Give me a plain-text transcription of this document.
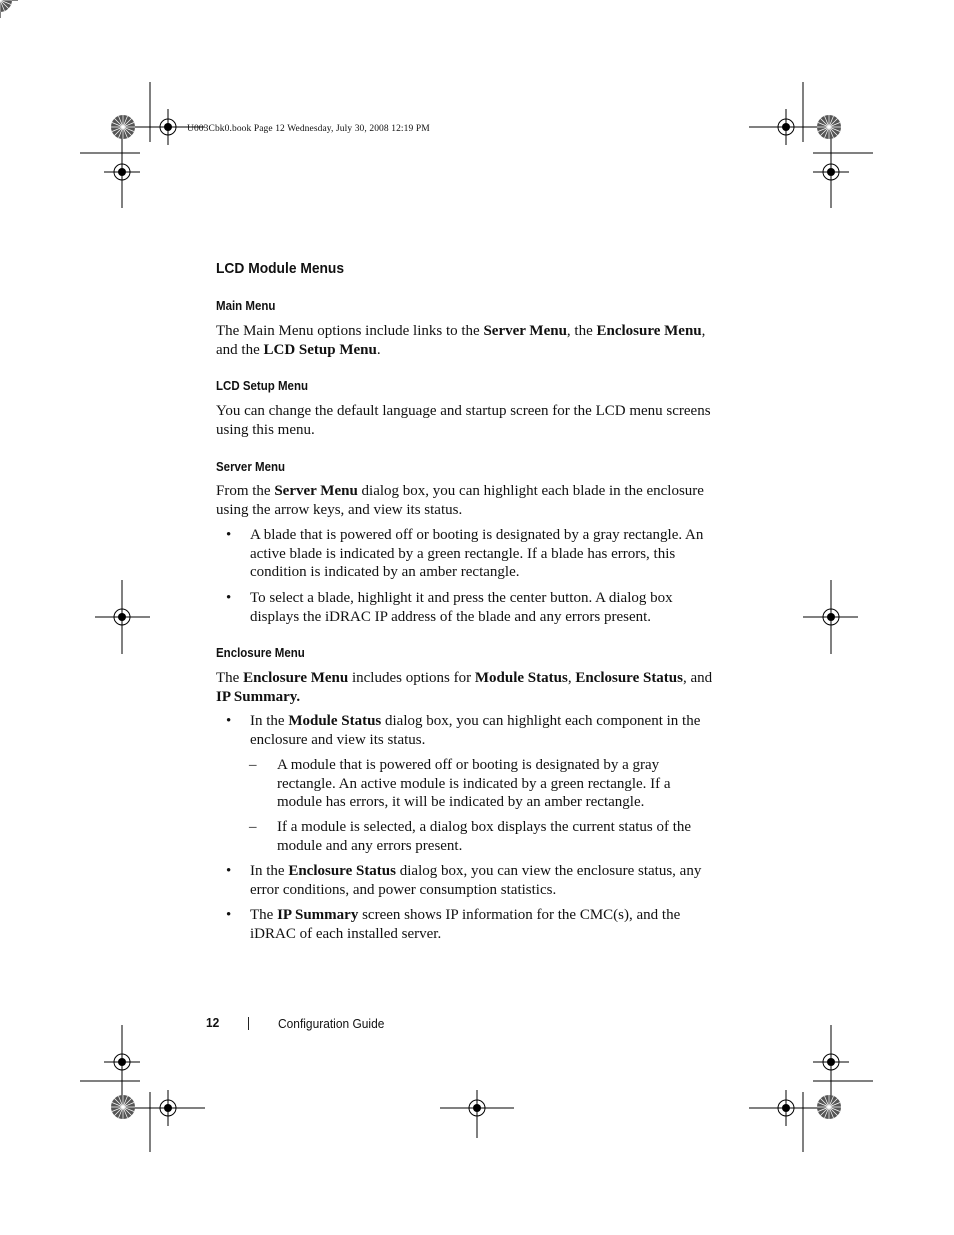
U003Cbk0.book Page 12 Wednesday, July 30, 2008 12:19 PM
LCD Module Menus
Main Menu

The Main Menu options include links to the Server Menu, the Enclosure Menu, and the LCD Setup Menu.

LCD Setup Menu

You can change the default language and startup screen for the LCD menu screens using this menu.

Server Menu

From the Server Menu dialog box, you can highlight each blade in the enclosure using the arrow keys, and view its status.

• A blade that is powered off or booting is designated by a gray rectangle. An active blade is indicated by a green rectangle. If a blade has errors, this condition is indicated by an amber rectangle.

• To select a blade, highlight it and press the center button. A dialog box displays the iDRAC IP address of the blade and any errors present.

Enclosure Menu

The Enclosure Menu includes options for Module Status, Enclosure Status, and IP Summary.

• In the Module Status dialog box, you can highlight each component in the enclosure and view its status.

– A module that is powered off or booting is designated by a gray rectangle. An active module is indicated by a green rectangle. If a module has errors, it will be indicated by an amber rectangle.

– If a module is selected, a dialog box displays the current status of the module and any errors present.

• In the Enclosure Status dialog box, you can view the enclosure status, any error conditions, and power consumption statistics.

• The IP Summary screen shows IP information for the CMC(s), and the iDRAC of each installed server.

12	Configuration Guide
